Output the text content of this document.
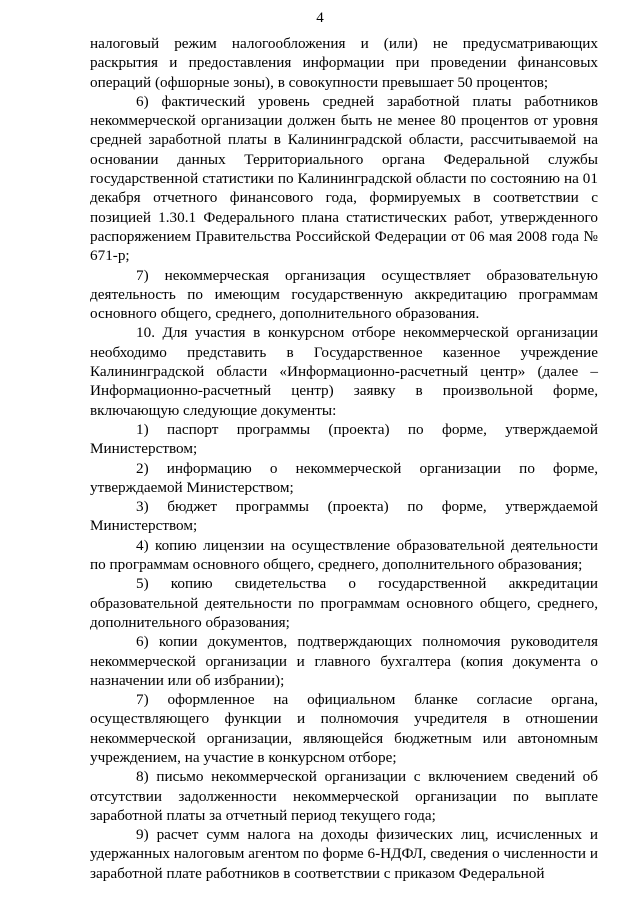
4

налоговый режим налогообложения и (или) не предусматривающих раскрытия и предоставления информации при проведении финансовых операций (офшорные зоны), в совокупности превышает 50 процентов;

6) фактический уровень средней заработной платы работников некоммерческой организации должен быть не менее 80 процентов от уровня средней заработной платы в Калининградской области, рассчитываемой на основании данных Территориального органа Федеральной службы государственной статистики по Калининградской области по состоянию на 01 декабря отчетного финансового года, формируемых в соответствии с позицией 1.30.1 Федерального плана статистических работ, утвержденного распоряжением Правительства Российской Федерации от 06 мая 2008 года № 671-р;

7) некоммерческая организация осуществляет образовательную деятельность по имеющим государственную аккредитацию программам основного общего, среднего, дополнительного образования.

10. Для участия в конкурсном отборе некоммерческой организации необходимо представить в Государственное казенное учреждение Калининградской области «Информационно-расчетный центр» (далее – Информационно-расчетный центр) заявку в произвольной форме, включающую следующие документы:

1) паспорт программы (проекта) по форме, утверждаемой Министерством;

2) информацию о некоммерческой организации по форме, утверждаемой Министерством;

3) бюджет программы (проекта) по форме, утверждаемой Министерством;

4) копию лицензии на осуществление образовательной деятельности по программам основного общего, среднего, дополнительного образования;

5) копию свидетельства о государственной аккредитации образовательной деятельности по программам основного общего, среднего, дополнительного образования;

6) копии документов, подтверждающих полномочия руководителя некоммерческой организации и главного бухгалтера (копия документа о назначении или об избрании);

7) оформленное на официальном бланке согласие органа, осуществляющего функции и полномочия учредителя в отношении некоммерческой организации, являющейся бюджетным или автономным учреждением, на участие в конкурсном отборе;

8) письмо некоммерческой организации с включением сведений об отсутствии задолженности некоммерческой организации по выплате заработной платы за отчетный период текущего года;

9) расчет сумм налога на доходы физических лиц, исчисленных и удержанных налоговым агентом по форме 6-НДФЛ, сведения о численности и заработной плате работников в соответствии с приказом Федеральной
